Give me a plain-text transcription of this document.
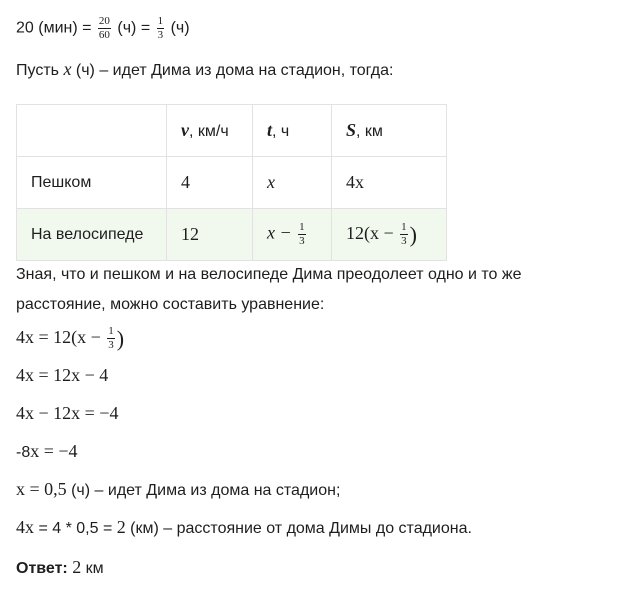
20 $(мин) = \frac{20}{60} (ч) = \frac{1}{3} (ч)$
Пусть x (ч) – идет Дима из дома на стадион, тогда:
	v, км/ч	t, ч	S, км
Пешком	4	x	4x
На велосипеде	12	$x - \frac{1}{3}$	$12(x - \frac{1}{3}$ )
Зная, что и пешком и на велосипеде Дима преодолеет одно и то же
расстояние, можно составить уравнение:
$4x = 12(x - \frac{1}{3}$ )
4x = 12x − 4
4x − 12x = −4
-8x = −4
x = 0,5 (ч) – идет Дима из дома на стадион;
4x = 4 * 0,5 = 2 (км) – расстояние от дома Димы до стадиона.
Ответ: 2 км
